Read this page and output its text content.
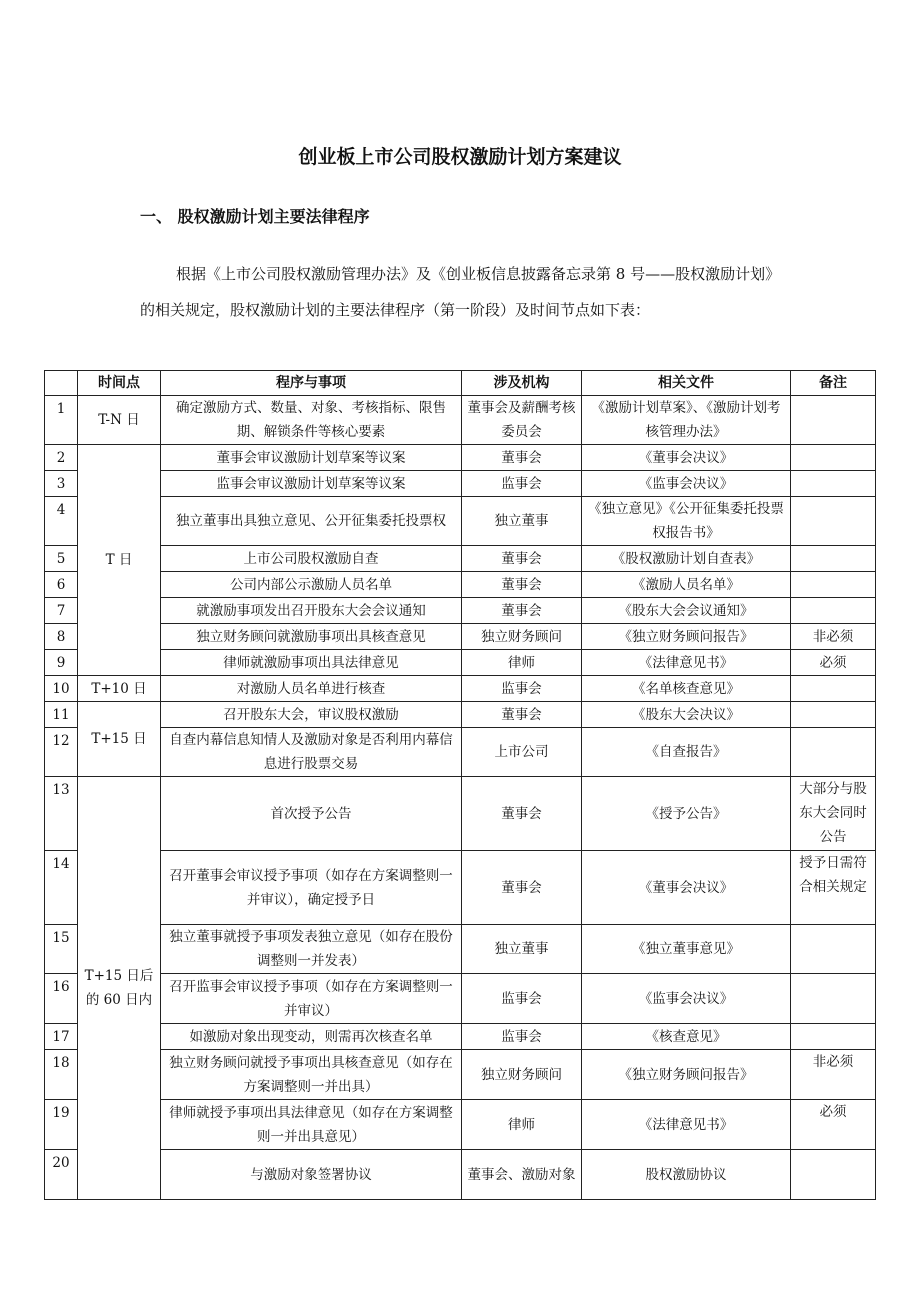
创业板上市公司股权激励计划方案建议
一、 股权激励计划主要法律程序
根据《上市公司股权激励管理办法》及《创业板信息披露备忘录第 8 号——股权激励计划》的相关规定，股权激励计划的主要法律程序（第一阶段）及时间节点如下表：
	时间点	程序与事项	涉及机构	相关文件	备注
1	T-N 日	确定激励方式、数量、对象、考核指标、限售期、解锁条件等核心要素	董事会及薪酬考核委员会	《激励计划草案》、《激励计划考核管理办法》	
2	T 日	董事会审议激励计划草案等议案	董事会	《董事会决议》	
3		监事会审议激励计划草案等议案	监事会	《监事会决议》	
4		独立董事出具独立意见、公开征集委托投票权	独立董事	《独立意见》《公开征集委托投票权报告书》	
5		上市公司股权激励自查	董事会	《股权激励计划自查表》	
6		公司内部公示激励人员名单	董事会	《激励人员名单》	
7		就激励事项发出召开股东大会会议通知	董事会	《股东大会会议通知》	
8		独立财务顾问就激励事项出具核查意见	独立财务顾问	《独立财务顾问报告》	非必须
9		律师就激励事项出具法律意见	律师	《法律意见书》	必须
10	T+10 日	对激励人员名单进行核查	监事会	《名单核查意见》	
11	T+15 日	召开股东大会，审议股权激励	董事会	《股东大会决议》	
12		自查内幕信息知情人及激励对象是否利用内幕信息进行股票交易	上市公司	《自查报告》	
13	T+15 日后的 60 日内	首次授予公告	董事会	《授予公告》	大部分与股东大会同时公告
14		召开董事会审议授予事项（如存在方案调整则一并审议），确定授予日	董事会	《董事会决议》	授予日需符合相关规定
15		独立董事就授予事项发表独立意见（如存在股份调整则一并发表）	独立董事	《独立董事意见》	
16		召开监事会审议授予事项（如存在方案调整则一并审议）	监事会	《监事会决议》	
17		如激励对象出现变动，则需再次核查名单	监事会	《核查意见》	
18		独立财务顾问就授予事项出具核查意见（如存在方案调整则一并出具）	独立财务顾问	《独立财务顾问报告》	非必须
19		律师就授予事项出具法律意见（如存在方案调整则一并出具意见）	律师	《法律意见书》	必须
20		与激励对象签署协议	董事会、激励对象	股权激励协议	
